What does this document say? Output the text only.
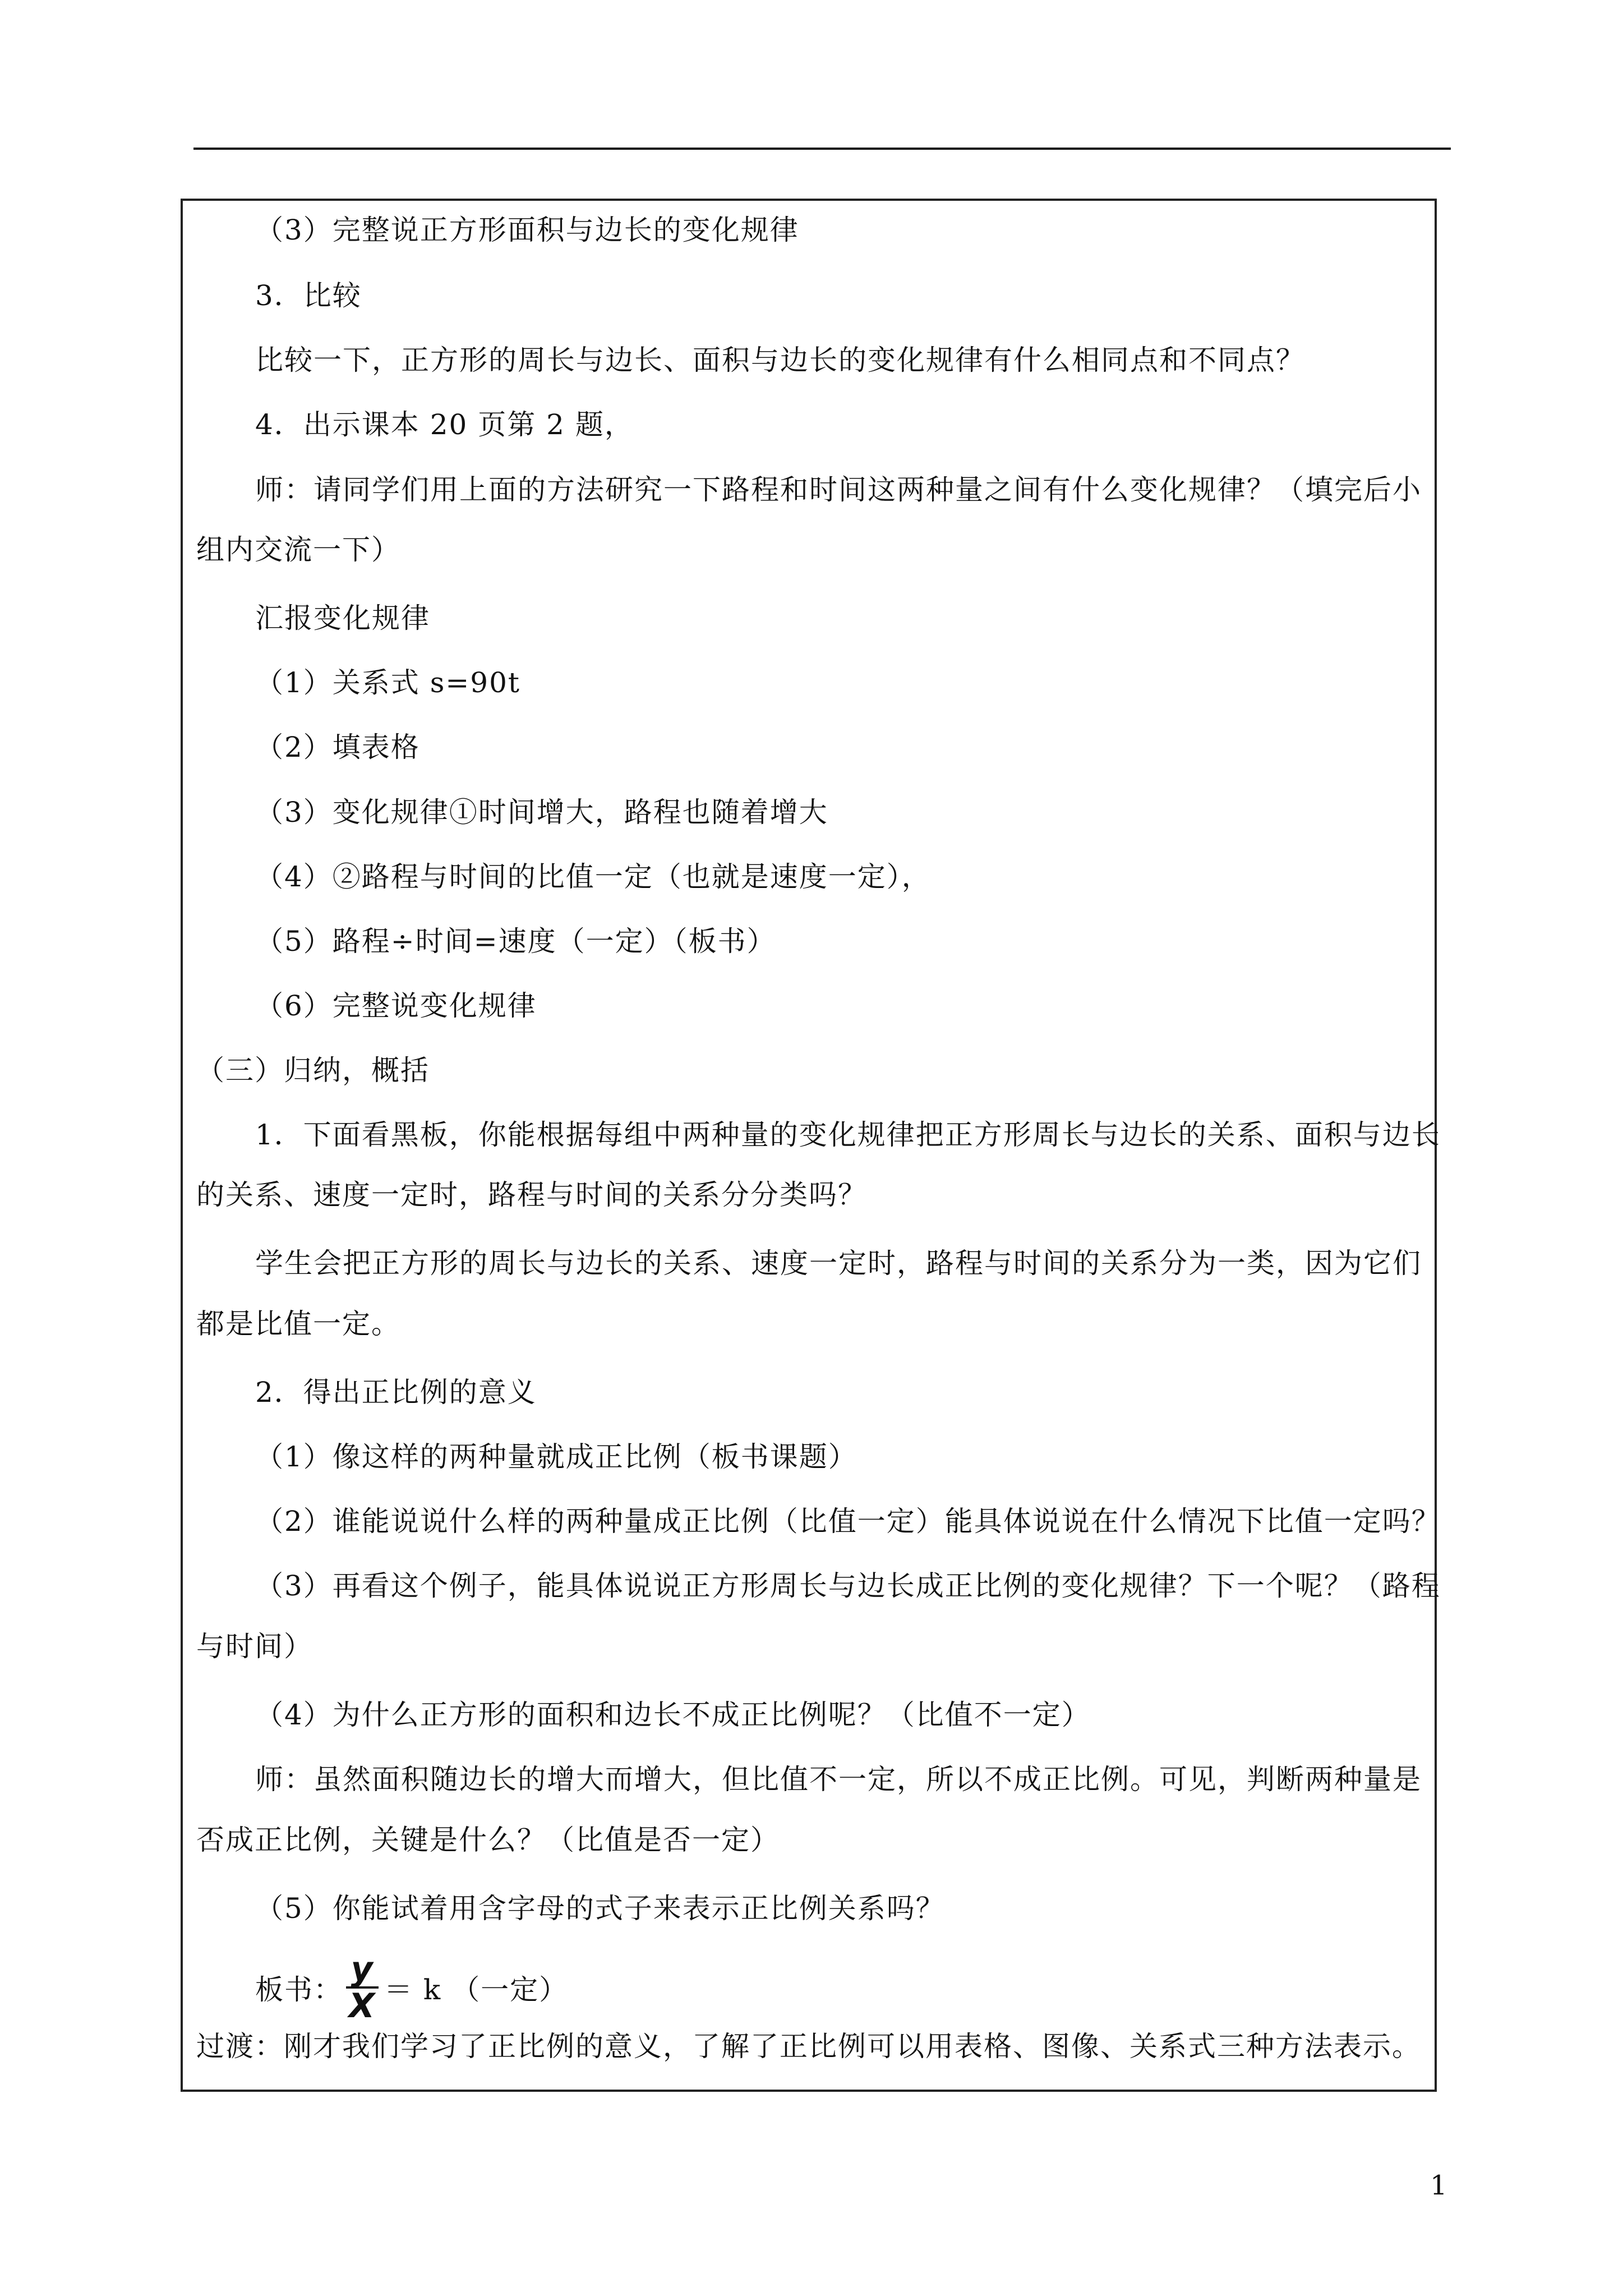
（3）完整说正方形面积与边长的变化规律
3．比较
比较一下，正方形的周长与边长、面积与边长的变化规律有什么相同点和不同点？
4．出示课本 20 页第 2 题，
师：请同学们用上面的方法研究一下路程和时间这两种量之间有什么变化规律？（填完后小
组内交流一下）
汇报变化规律
（1）关系式 s=90t
（2）填表格
（3）变化规律①时间增大，路程也随着增大
（4）②路程与时间的比值一定（也就是速度一定），
（5）路程÷时间=速度（一定）（板书）
（6）完整说变化规律
（三）归纳，概括
1．下面看黑板，你能根据每组中两种量的变化规律把正方形周长与边长的关系、面积与边长
的关系、速度一定时，路程与时间的关系分分类吗？
学生会把正方形的周长与边长的关系、速度一定时，路程与时间的关系分为一类，因为它们
都是比值一定。
2．得出正比例的意义
（1）像这样的两种量就成正比例（板书课题）
（2）谁能说说什么样的两种量成正比例（比值一定）能具体说说在什么情况下比值一定吗？
（3）再看这个例子，能具体说说正方形周长与边长成正比例的变化规律？下一个呢？（路程
与时间）
（4）为什么正方形的面积和边长不成正比例呢？（比值不一定）
师：虽然面积随边长的增大而增大，但比值不一定，所以不成正比例。可见，判断两种量是
否成正比例，关键是什么？（比值是否一定）
（5）你能试着用含字母的式子来表示正比例关系吗？
板书： $\frac{y}{X} = k$ （一定）
过渡：刚才我们学习了正比例的意义，了解了正比例可以用表格、图像、关系式三种方法表示。
1
